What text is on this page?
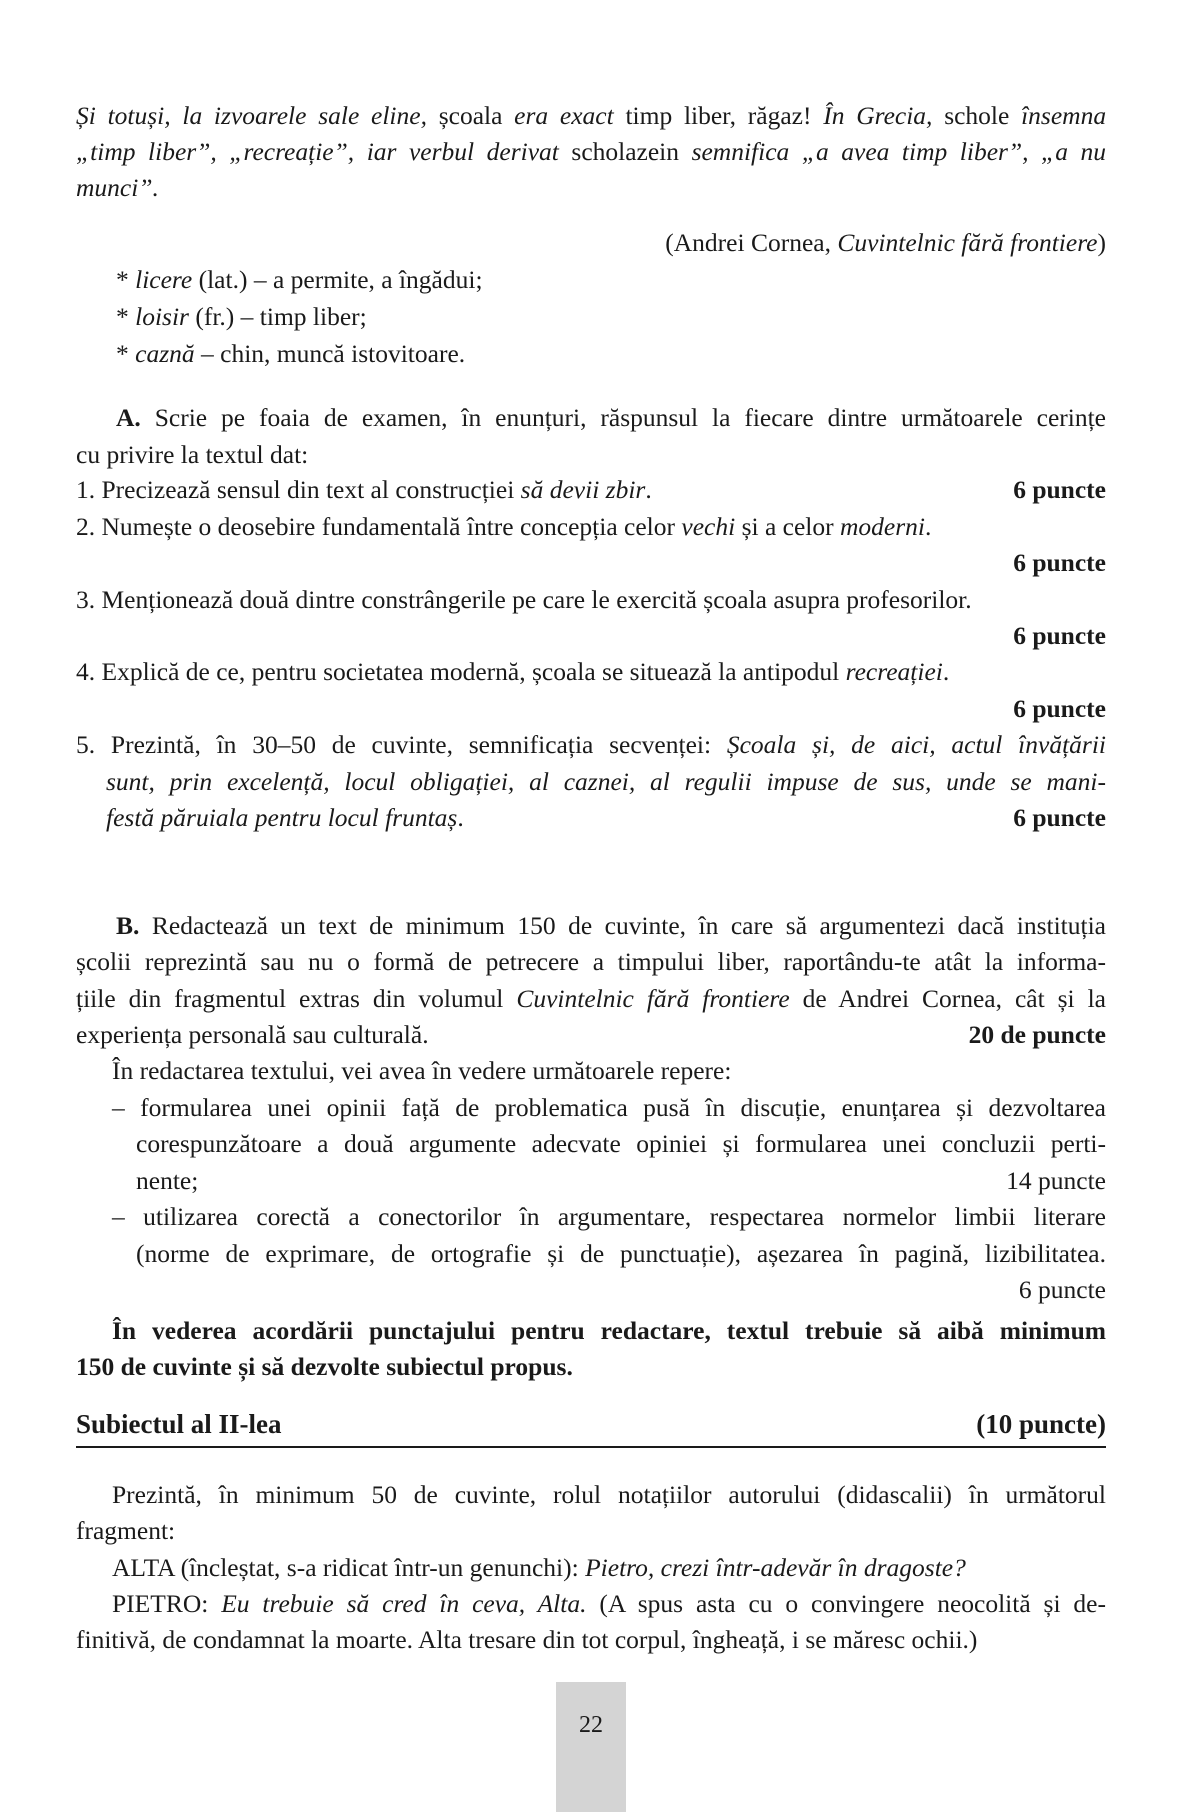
Și totuși, la izvoarele sale eline, școala era exact timp liber, răgaz! În Grecia, schole însemna
„timp liber”, „recreație”, iar verbul derivat scholazein semnifica „a avea timp liber”, „a nu
munci”.
(Andrei Cornea, Cuvintelnic fără frontiere)
* licere (lat.) – a permite, a îngădui;
* loisir (fr.) – timp liber;
* caznă – chin, muncă istovitoare.
A. Scrie pe foaia de examen, în enunțuri, răspunsul la fiecare dintre următoarele cerințe
cu privire la textul dat:
1. Precizează sensul din text al construcției să devii zbir.	6 puncte
2. Numește o deosebire fundamentală între concepția celor vechi și a celor moderni.
6 puncte
3. Menționează două dintre constrângerile pe care le exercită școala asupra profesorilor.
6 puncte
4. Explică de ce, pentru societatea modernă, școala se situează la antipodul recreației.
6 puncte
5. Prezintă, în 30–50 de cuvinte, semnificația secvenței: Școala și, de aici, actul învățării
sunt, prin excelență, locul obligației, al caznei, al regulii impuse de sus, unde se mani-
festă păruiala pentru locul fruntaș.	6 puncte
B. Redactează un text de minimum 150 de cuvinte, în care să argumentezi dacă instituția
școlii reprezintă sau nu o formă de petrecere a timpului liber, raportându-te atât la informa-
țiile din fragmentul extras din volumul Cuvintelnic fără frontiere de Andrei Cornea, cât și la
experiența personală sau culturală.	20 de puncte
În redactarea textului, vei avea în vedere următoarele repere:
– formularea unei opinii față de problematica pusă în discuție, enunțarea și dezvoltarea
corespunzătoare a două argumente adecvate opiniei și formularea unei concluzii perti-
nente;	14 puncte
– utilizarea corectă a conectorilor în argumentare, respectarea normelor limbii literare
(norme de exprimare, de ortografie și de punctuație), așezarea în pagină, lizibilitatea.
6 puncte
În vederea acordării punctajului pentru redactare, textul trebuie să aibă minimum
150 de cuvinte și să dezvolte subiectul propus.
Subiectul al II-lea	(10 puncte)
Prezintă, în minimum 50 de cuvinte, rolul notațiilor autorului (didascalii) în următorul
fragment:
ALTA (încleștat, s-a ridicat într-un genunchi): Pietro, crezi într-adevăr în dragoste?
PIETRO: Eu trebuie să cred în ceva, Alta. (A spus asta cu o convingere neocolită și de-
finitivă, de condamnat la moarte. Alta tresare din tot corpul, îngheață, i se măresc ochii.)
22
